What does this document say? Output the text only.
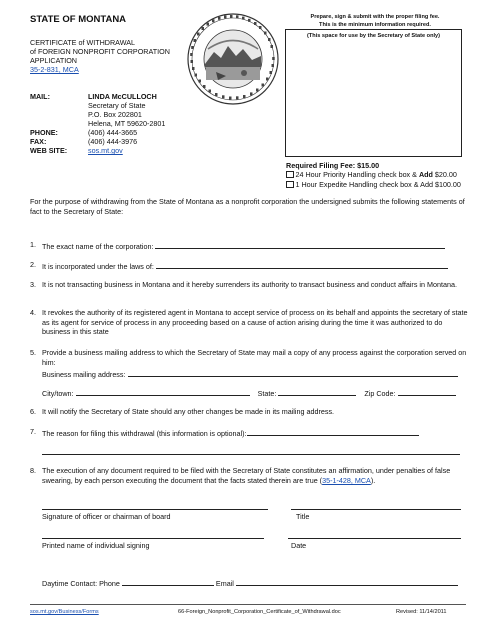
STATE OF MONTANA
CERTIFICATE of WITHDRAWAL
of FOREIGN NONPROFIT CORPORATION
APPLICATION
35-2-831, MCA
Prepare, sign & submit with the proper filing fee.
This is the minimum information required.
(This space for use by the Secretary of State only)
MAIL:	LINDA McCULLOCH
Secretary of State
P.O. Box 202801
Helena, MT 59620-2801
PHONE:	(406) 444-3665
FAX:	(406) 444-3976
WEB SITE:	sos.mt.gov
Required Filing Fee: $15.00
24 Hour Priority Handling check box & Add $20.00
1 Hour Expedite Handling check box & Add $100.00
For the purpose of withdrawing from the State of Montana as a nonprofit corporation the undersigned submits the following statements of fact to the Secretary of State:
1. The exact name of the corporation:
2. It is incorporated under the laws of:
3. It is not transacting business in Montana and it hereby surrenders its authority to transact business and conduct affairs in Montana.
4. It revokes the authority of its registered agent in Montana to accept service of process on its behalf and appoints the secretary of state as its agent for service of process in any proceeding based on a cause of action arising during the time it was authorized to do business in this state
5. Provide a business mailing address to which the Secretary of State may mail a copy of any process against the corporation served on him:
Business mailing address:
City/town:	State:	Zip Code:
6. It will notify the Secretary of State should any other changes be made in its mailing address.
7. The reason for filing this withdrawal (this information is optional):
8. The execution of any document required to be filed with the Secretary of State constitutes an affirmation, under penalties of false swearing, by each person executing the document that the facts stated therein are true (35-1-428, MCA).
Signature of officer or chairman of board	Title
Printed name of individual signing	Date
Daytime Contact: Phone	Email
sos.mt.gov/Business/Forms	66-Foreign_Nonprofit_Corporation_Certificate_of_Withdrawal.doc	Revised: 11/14/2011
